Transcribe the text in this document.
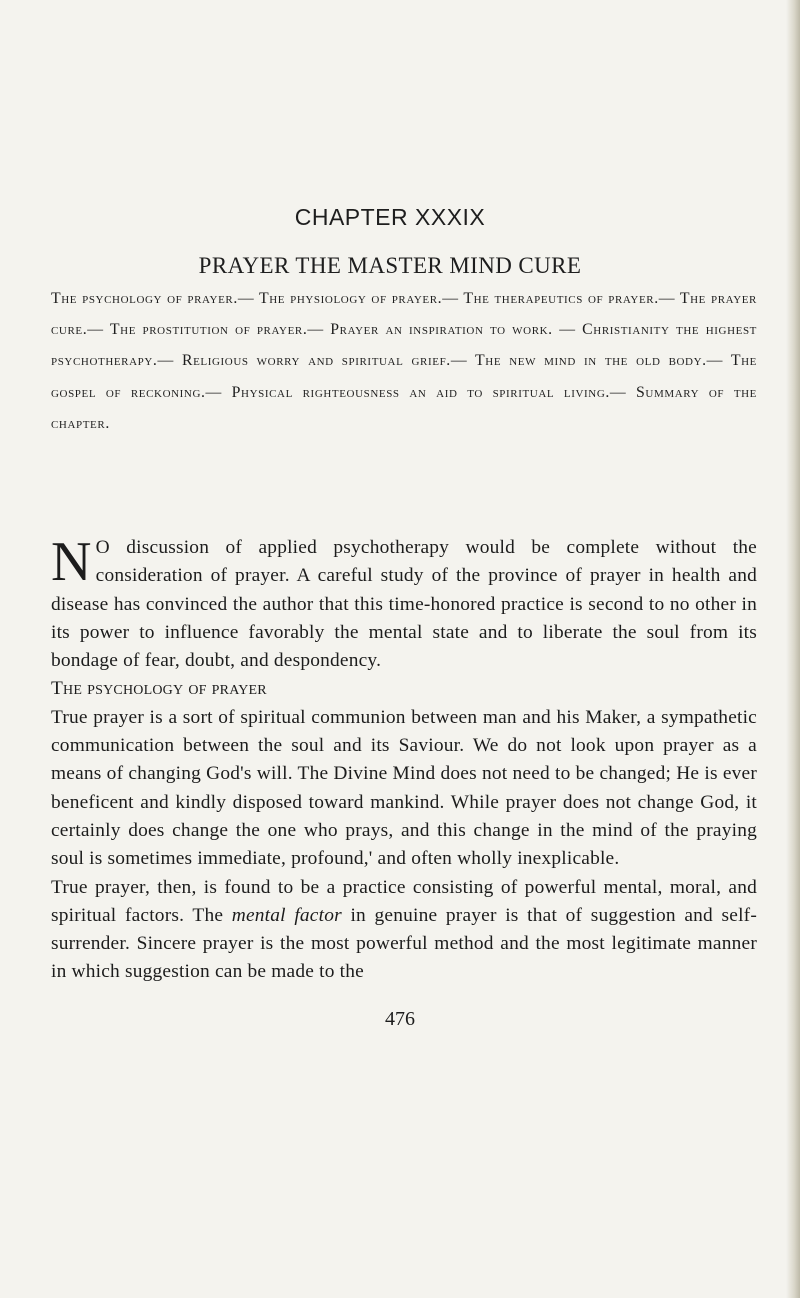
CHAPTER XXXIX
PRAYER THE MASTER MIND CURE

The psychology of prayer.— The physiology of prayer.— The therapeutics of prayer.— The prayer cure.— The prostitution of prayer.— Prayer an inspiration to work. — Christianity the highest psychotherapy.— Religious worry and spiritual grief.— The new mind in the old body.— The gospel of reckoning.— Physical righteousness an aid to spiritual living.— Summary of the chapter.

N O discussion of applied psychotherapy would be complete without the consideration of prayer. A careful study of the province of prayer in health and disease has convinced the author that this time-honored practice is second to no other in its power to influence favorably the mental state and to liberate the soul from its bondage of fear, doubt, and despondency.

The psychology of prayer

True prayer is a sort of spiritual communion between man and his Maker, a sympathetic communication between the soul and its Saviour. We do not look upon prayer as a means of changing God's will. The Divine Mind does not need to be changed; He is ever beneficent and kindly disposed toward mankind. While prayer does not change God, it certainly does change the one who prays, and this change in the mind of the praying soul is sometimes immediate, profound,' and often wholly inexplicable.

True prayer, then, is found to be a practice consisting of powerful mental, moral, and spiritual factors. The mental factor in genuine prayer is that of suggestion and self-surrender. Sincere prayer is the most powerful method and the most legitimate manner in which suggestion can be made to the

476
